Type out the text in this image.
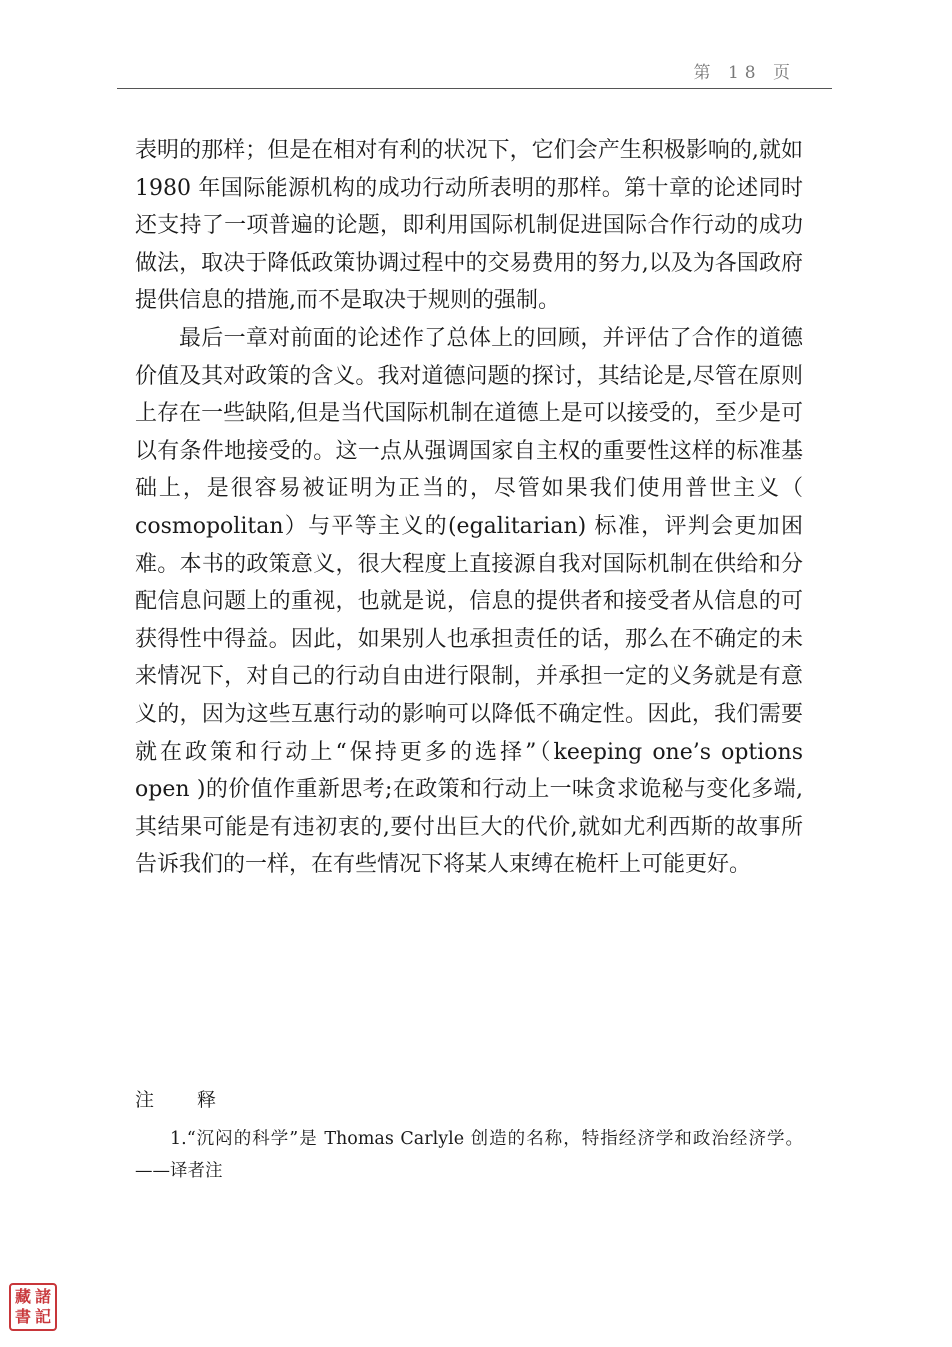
第 18 页

表明的那样；但是在相对有利的状况下，它们会产生积极影响的,就如 1980 年国际能源机构的成功行动所表明的那样。第十章的论述同时还支持了一项普遍的论题，即利用国际机制促进国际合作行动的成功做法，取决于降低政策协调过程中的交易费用的努力,以及为各国政府提供信息的措施,而不是取决于规则的强制。

最后一章对前面的论述作了总体上的回顾，并评估了合作的道德价值及其对政策的含义。我对道德问题的探讨，其结论是,尽管在原则上存在一些缺陷,但是当代国际机制在道德上是可以接受的，至少是可以有条件地接受的。这一点从强调国家自主权的重要性这样的标准基础上，是很容易被证明为正当的，尽管如果我们使用普世主义（ cosmopolitan）与平等主义的(egalitarian) 标准，评判会更加困难。本书的政策意义，很大程度上直接源自我对国际机制在供给和分配信息问题上的重视，也就是说，信息的提供者和接受者从信息的可获得性中得益。因此，如果别人也承担责任的话，那么在不确定的未来情况下，对自己的行动自由进行限制，并承担一定的义务就是有意义的，因为这些互惠行动的影响可以降低不确定性。因此，我们需要就在政策和行动上“保持更多的选择”（keeping one’s options open )的价值作重新思考;在政策和行动上一味贪求诡秘与变化多端,其结果可能是有违初衷的,要付出巨大的代价,就如尤利西斯的故事所告诉我们的一样，在有些情况下将某人束缚在桅杆上可能更好。

注　释

1.“沉闷的科学”是 Thomas Carlyle 创造的名称，特指经济学和政治经济学。——译者注

藏 諸
書 記
